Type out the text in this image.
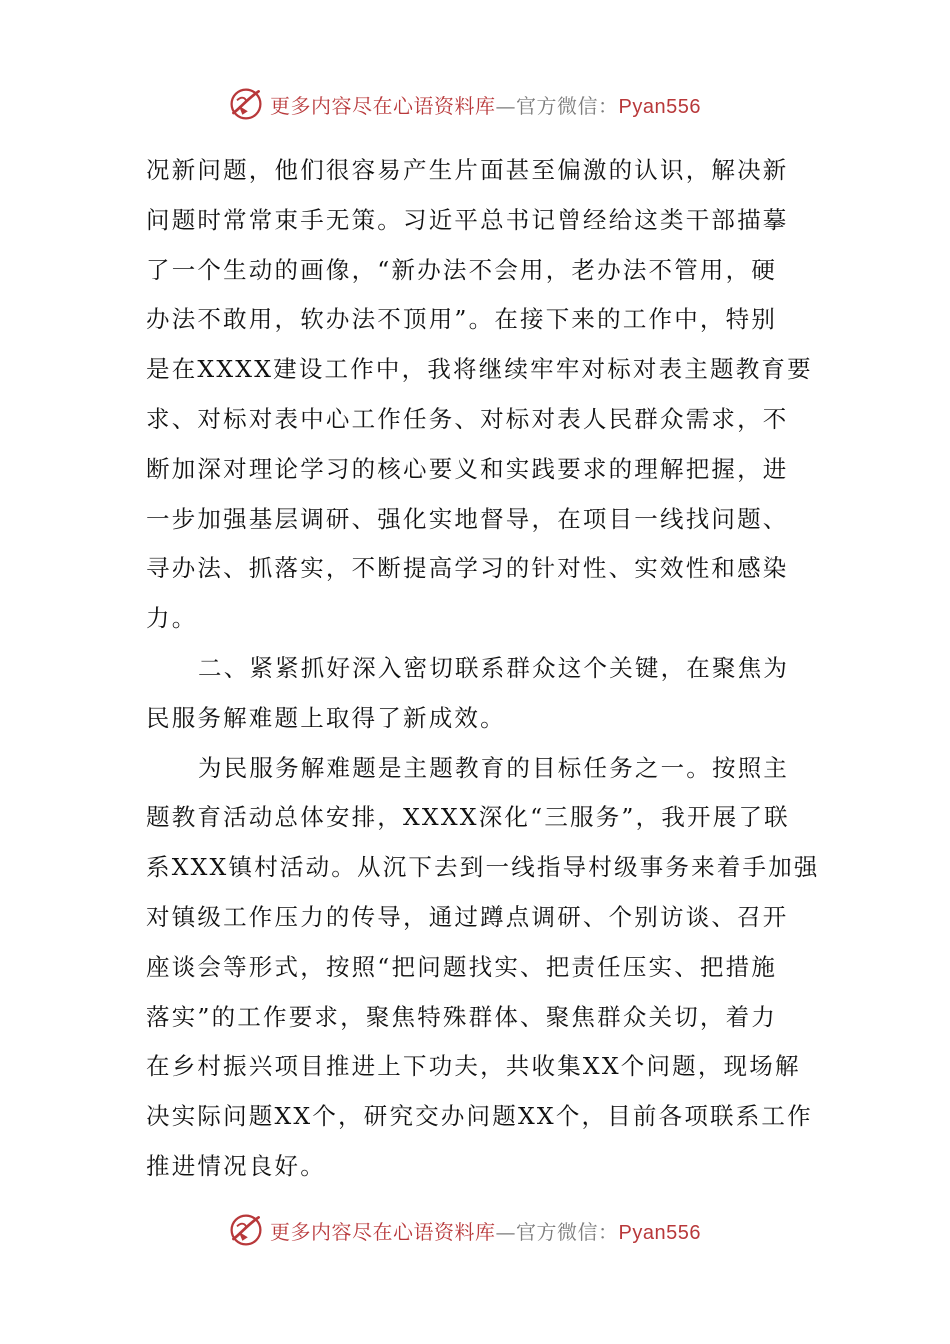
更多内容尽在心语资料库—官方微信：Pyan556

况新问题，他们很容易产生片面甚至偏激的认识，解决新
问题时常常束手无策。习近平总书记曾经给这类干部描摹
了一个生动的画像，“新办法不会用，老办法不管用，硬
办法不敢用，软办法不顶用”。在接下来的工作中，特别
是在XXXX建设工作中，我将继续牢牢对标对表主题教育要
求、对标对表中心工作任务、对标对表人民群众需求，不
断加深对理论学习的核心要义和实践要求的理解把握，进
一步加强基层调研、强化实地督导，在项目一线找问题、
寻办法、抓落实，不断提高学习的针对性、实效性和感染
力。

二、紧紧抓好深入密切联系群众这个关键，在聚焦为
民服务解难题上取得了新成效。

为民服务解难题是主题教育的目标任务之一。按照主
题教育活动总体安排，XXXX深化“三服务”，我开展了联
系XXX镇村活动。从沉下去到一线指导村级事务来着手加强
对镇级工作压力的传导，通过蹲点调研、个别访谈、召开
座谈会等形式，按照“把问题找实、把责任压实、把措施
落实”的工作要求，聚焦特殊群体、聚焦群众关切，着力
在乡村振兴项目推进上下功夫，共收集XX个问题，现场解
决实际问题XX个，研究交办问题XX个，目前各项联系工作
推进情况良好。

更多内容尽在心语资料库—官方微信：Pyan556
